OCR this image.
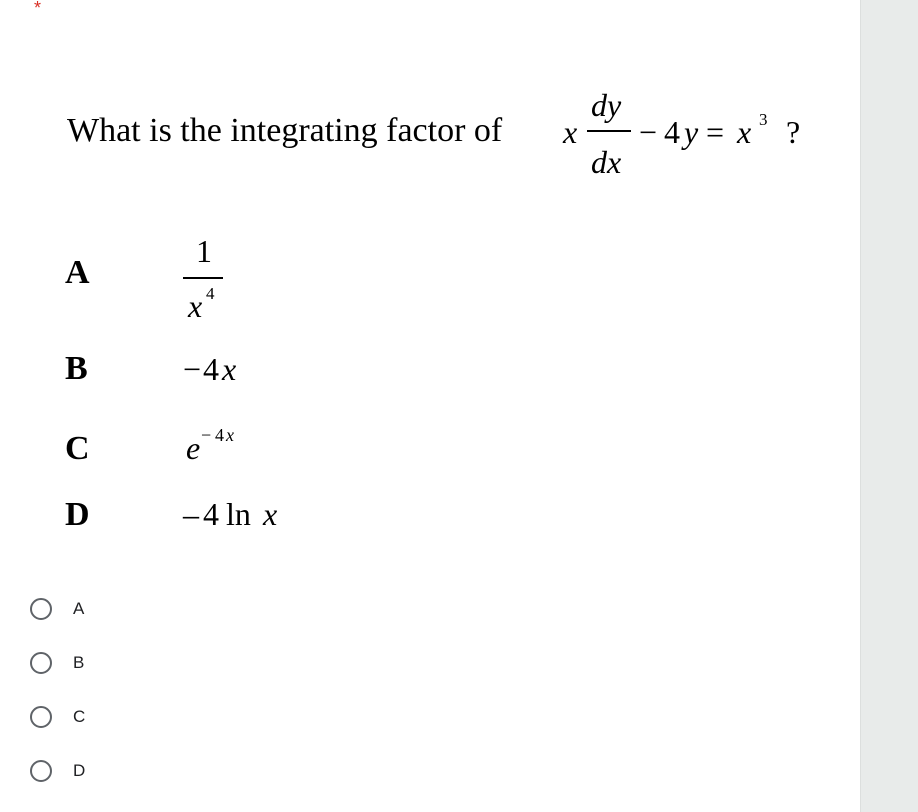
*
What is the integrating factor of x
dy
dx
− 4 y = x 3 ?
A
1
x 4
B	− 4 x
C	e − 4 x
D	– 4 ln x
A
B
C
D
